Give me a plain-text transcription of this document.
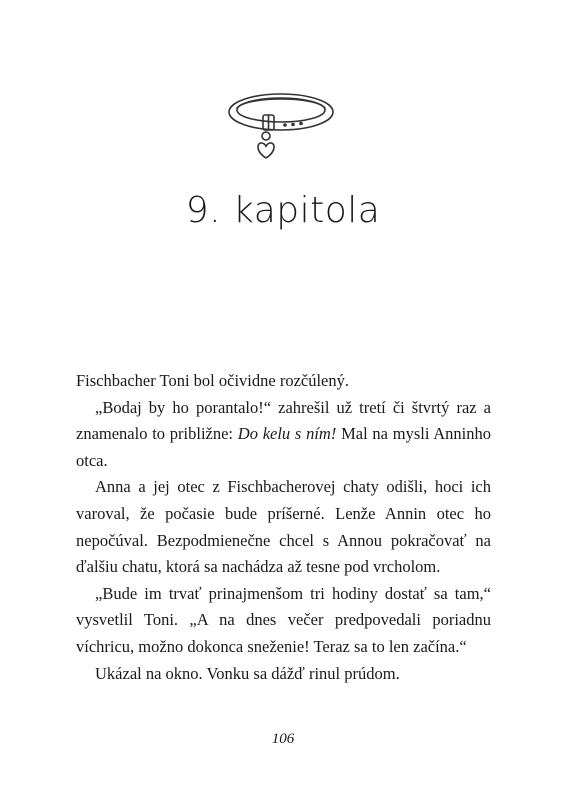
9. kapitola

Fischbacher Toni bol očividne rozčúlený.

„Bodaj by ho porantalo!“ zahrešil už tretí či štvrtý raz a znamenalo to približne: Do kelu s ním! Mal na mysli Anninho otca.

Anna a jej otec z Fischbacherovej chaty odišli, hoci ich varoval, že počasie bude príšerné. Lenže Annin otec ho nepočúval. Bezpodmienečne chcel s Annou pokračovať na ďalšiu chatu, ktorá sa nachádza až tesne pod vrcholom.

„Bude im trvať prinajmenšom tri hodiny dostať sa tam,“ vysvetlil Toni. „A na dnes večer predpovedali poriadnu víchricu, možno dokonca sneženie! Teraz sa to len začína.“

Ukázal na okno. Vonku sa dážď rinul prúdom.

106
